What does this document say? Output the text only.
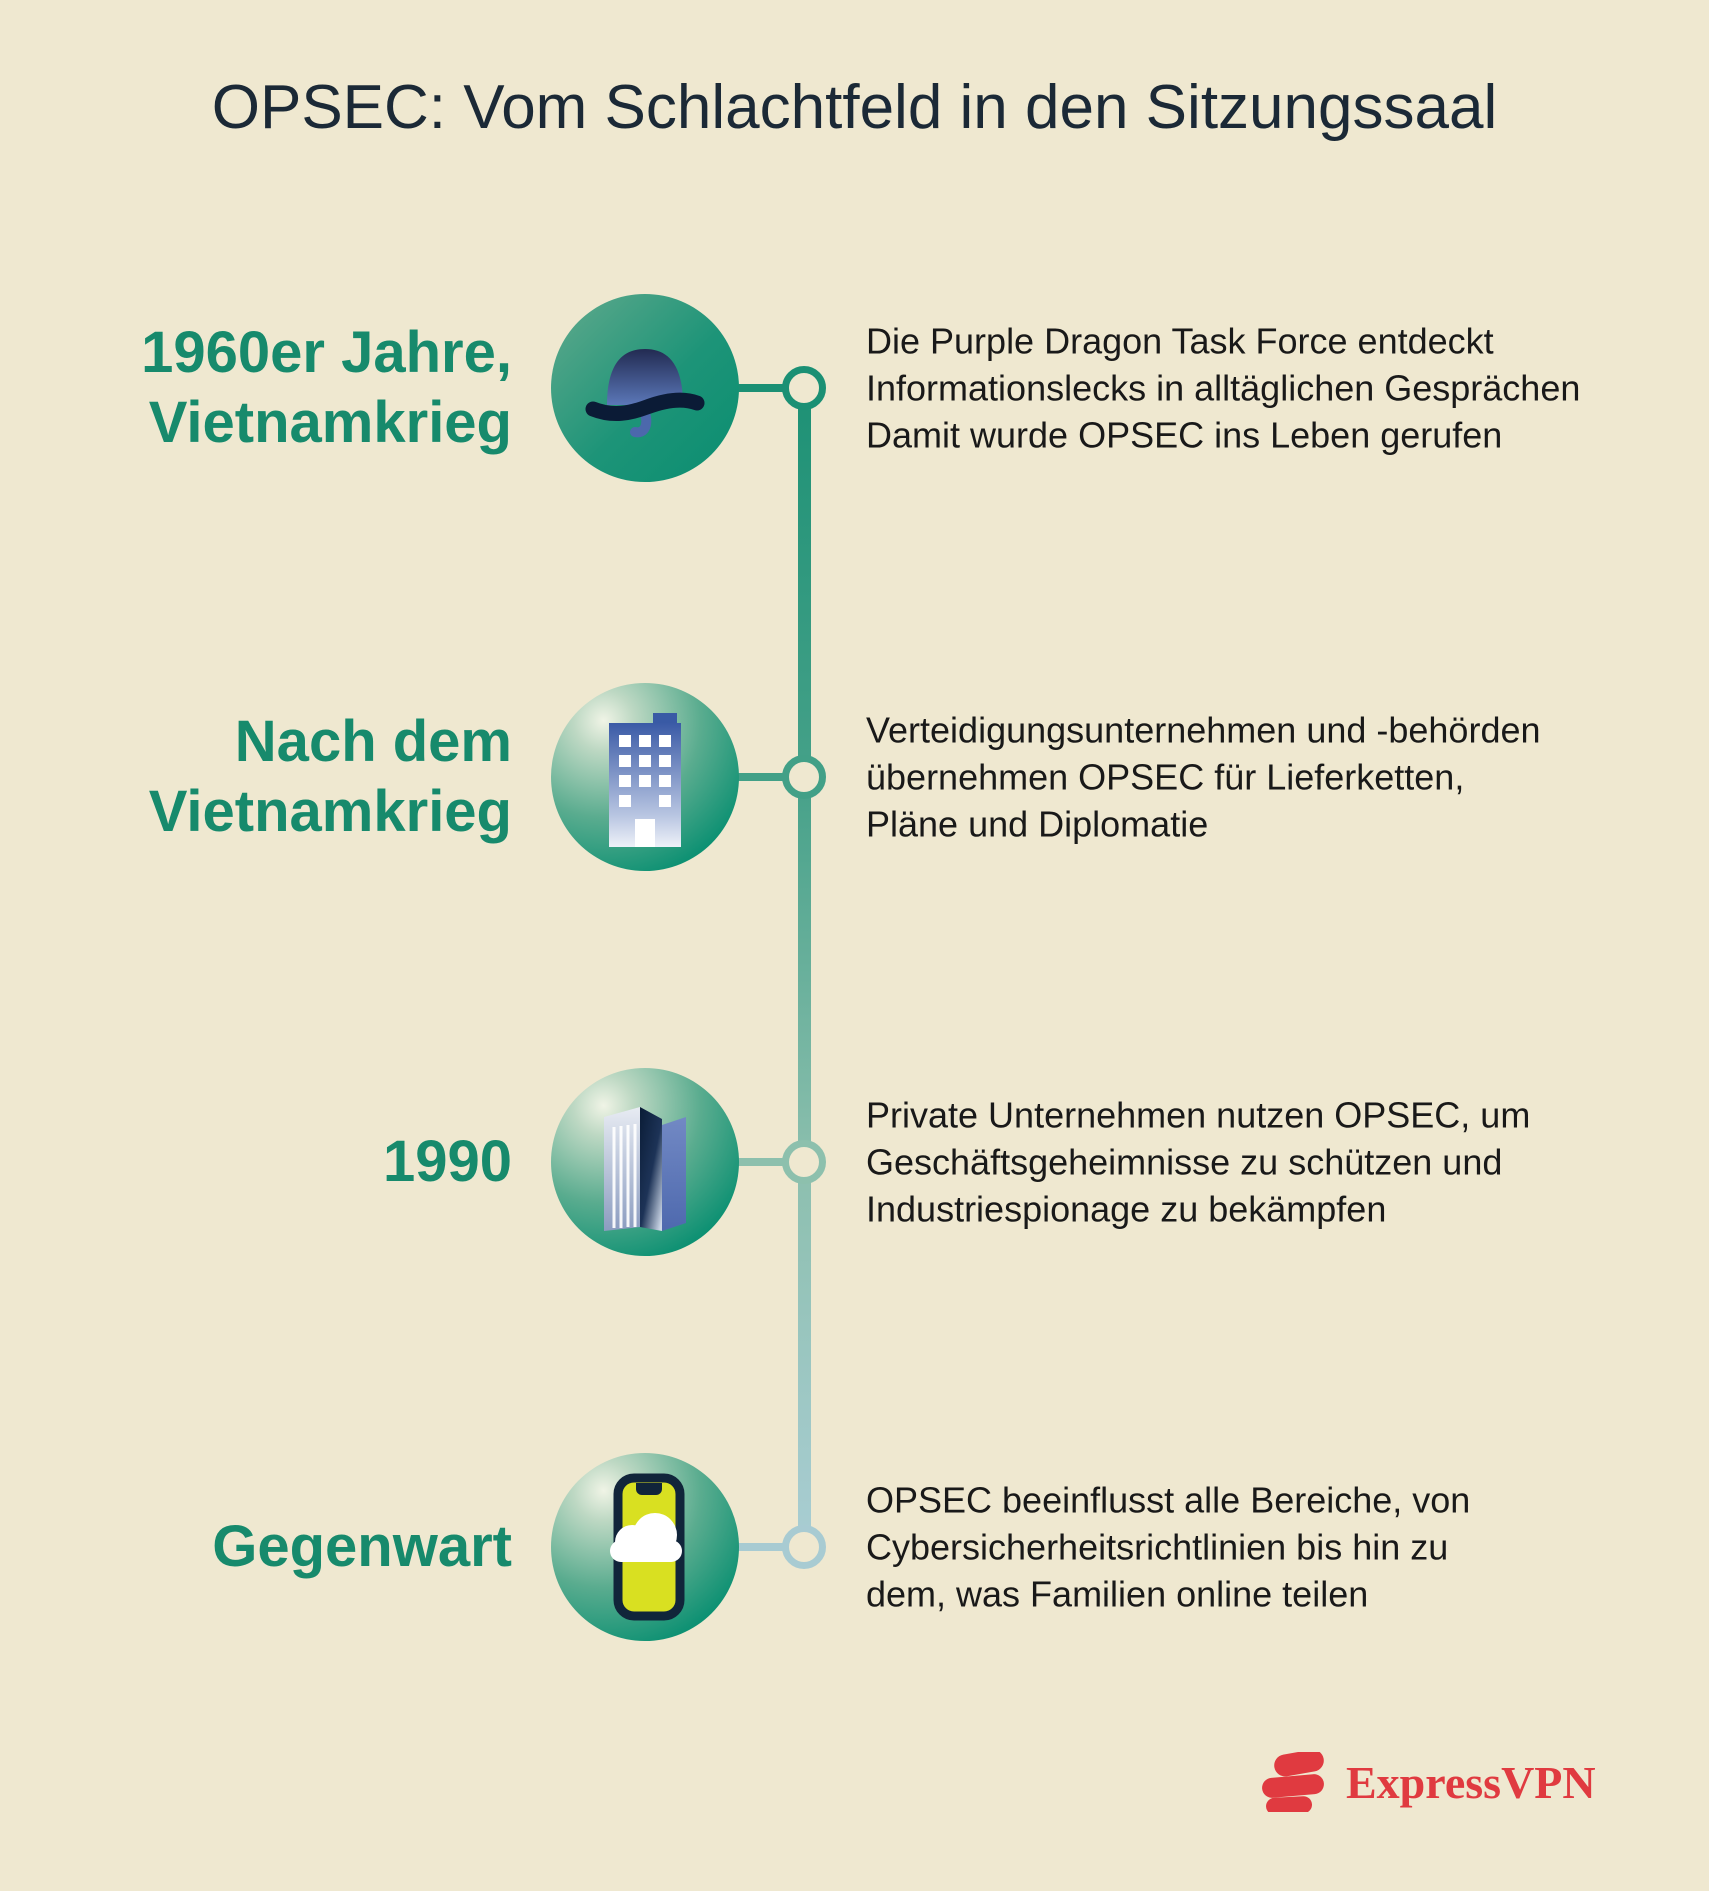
OPSEC: Vom Schlachtfeld in den Sitzungssaal
1960er Jahre, Vietnamkrieg
Die Purple Dragon Task Force entdeckt
Informationslecks in alltäglichen Gesprächen
Damit wurde OPSEC ins Leben gerufen
Nach dem Vietnamkrieg
Verteidigungsunternehmen und -behörden
übernehmen OPSEC für Lieferketten,
Pläne und Diplomatie
1990
Private Unternehmen nutzen OPSEC, um
Geschäftsgeheimnisse zu schützen und
Industriespionage zu bekämpfen
Gegenwart
OPSEC beeinflusst alle Bereiche, von
Cybersicherheitsrichtlinien bis hin zu
dem, was Familien online teilen
ExpressVPN
